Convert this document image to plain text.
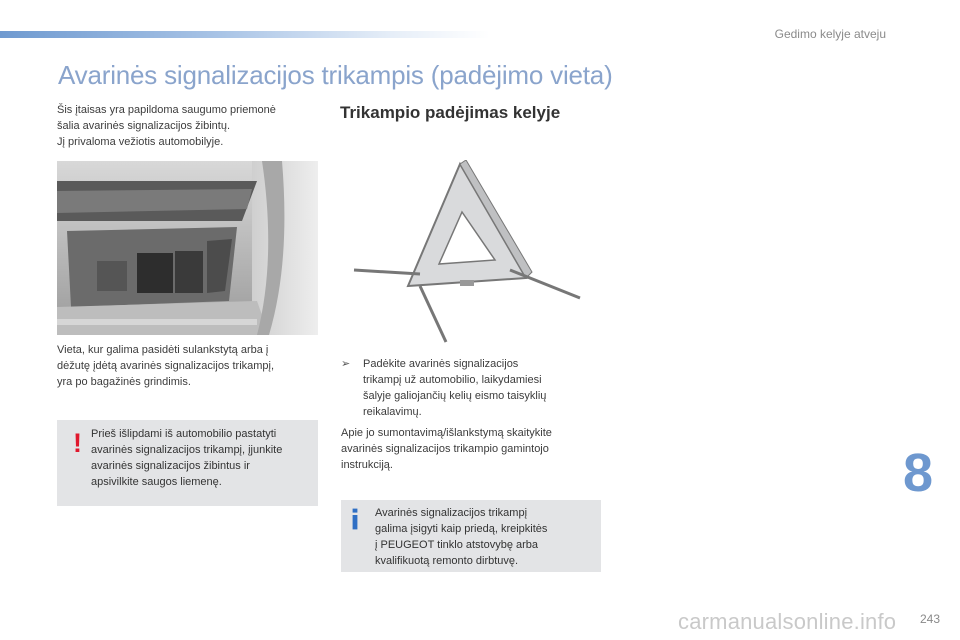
Gedimo kelyje atveju
Avarinės signalizacijos trikampis (padėjimo vieta)

Šis įtaisas yra papildoma saugumo priemonė

šalia avarinės signalizacijos žibintų.

Jį privaloma vežiotis automobilyje.

Vieta, kur galima pasidėti sulankstytą arba į

dėžutę įdėtą avarinės signalizacijos trikampį,

yra po bagažinės grindimis.

! Prieš išlipdami iš automobilio pastatyti
avarinės signalizacijos trikampį, įjunkite
avarinės signalizacijos žibintus ir
apsivilkite saugos liemenę.
Trikampio padėjimas kelyje
➢	Padėkite avarinės signalizacijos
trikampį už automobilio, laikydamiesi
šalyje galiojančių kelių eismo taisyklių
reikalavimų.

Apie jo sumontavimą/išlankstymą skaitykite

avarinės signalizacijos trikampio gamintojo

instrukciją.

Avarinės signalizacijos trikampį
galima įsigyti kaip priedą, kreipkitės
į PEUGEOT tinklo atstovybę arba
kvalifikuotą remonto dirbtuvę.
8
carmanualsonline.info 243
